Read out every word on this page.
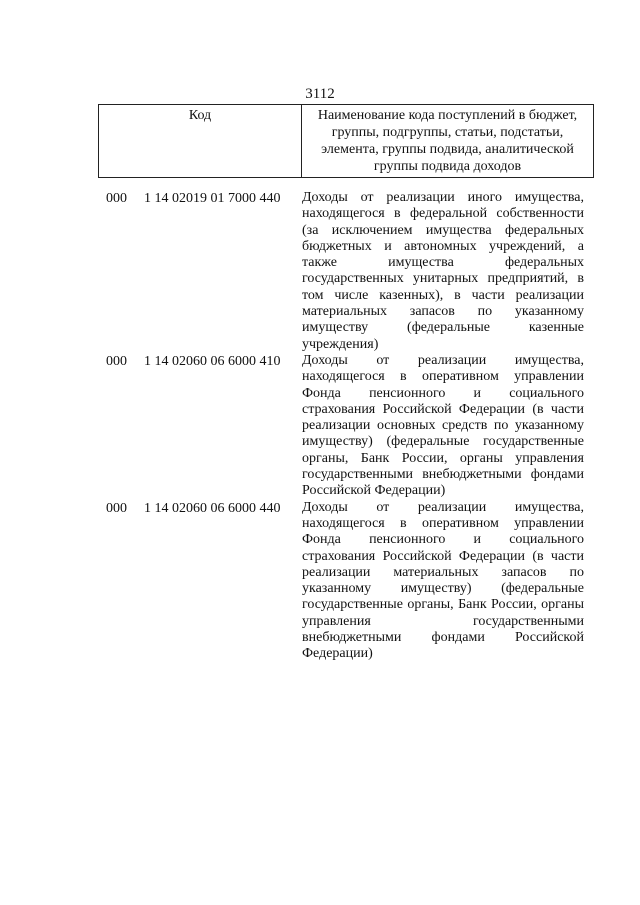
3112
Код	Наименование кода поступлений в бюджет, группы, подгруппы, статьи, подстатьи, элемента, группы подвида, аналитической группы подвида доходов
000	1 14 02019 01 7000 440	Доходы от реализации иного имущества, находящегося в федеральной собственности (за исключением имущества федеральных бюджетных и автономных учреждений, а также имущества федеральных государственных унитарных предприятий, в том числе казенных), в части реализации материальных запасов по указанному имуществу (федеральные казенные учреждения)
000	1 14 02060 06 6000 410	Доходы от реализации имущества, находящегося в оперативном управлении Фонда пенсионного и социального страхования Российской Федерации (в части реализации основных средств по указанному имуществу) (федеральные государственные органы, Банк России, органы управления государственными внебюджетными фондами Российской Федерации)
000	1 14 02060 06 6000 440	Доходы от реализации имущества, находящегося в оперативном управлении Фонда пенсионного и социального страхования Российской Федерации (в части реализации материальных запасов по указанному имуществу) (федеральные государственные органы, Банк России, органы управления государственными внебюджетными фондами Российской Федерации)
